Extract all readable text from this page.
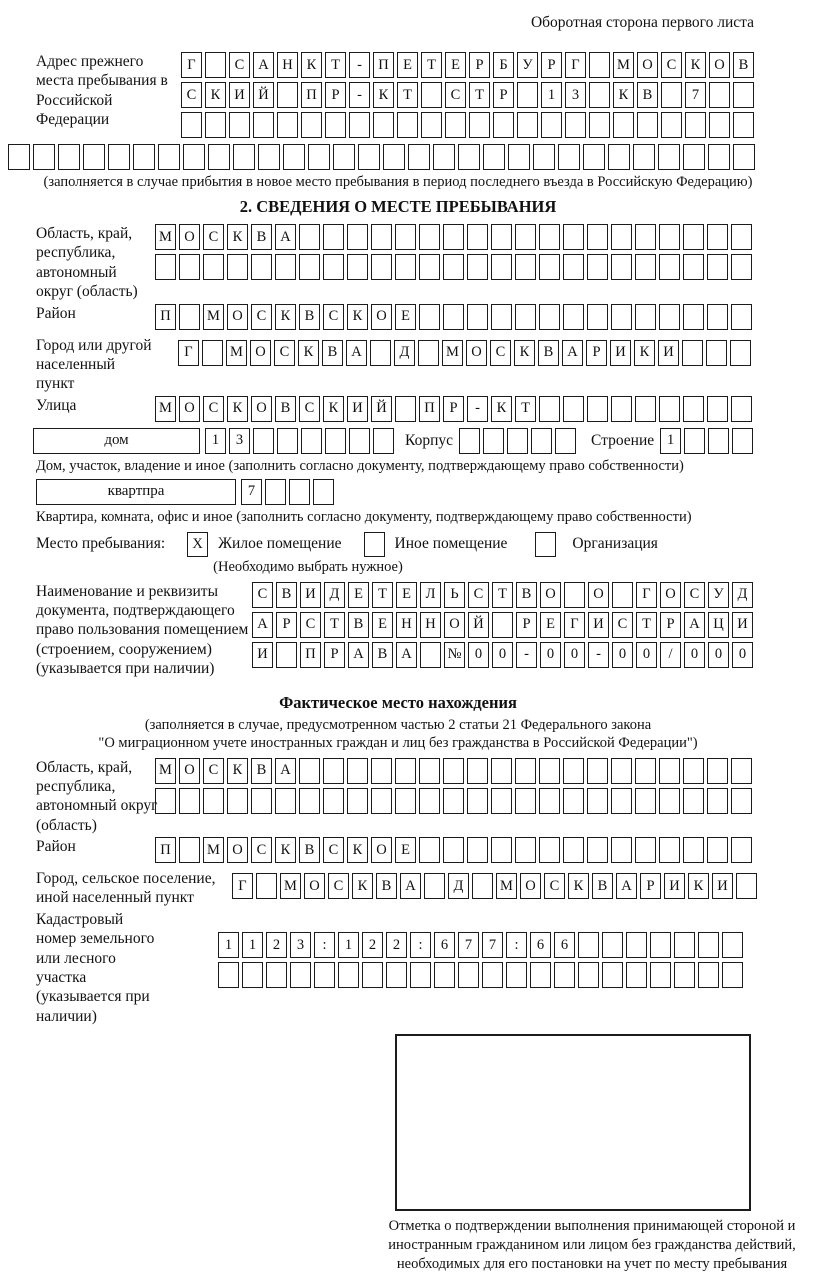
Оборотная сторона первого листа
Адрес прежнего места пребывания в Российской Федерации
Г	С А Н К	Т	-	П Е	Т	Е	Р	Б	У	Р	Г	М О С К О В
С К И Й	П	Р	-	К	Т	С	Т	Р	1	3	К В	7
(заполняется в случае прибытия в новое место пребывания в период последнего въезда в Российскую Федерацию)
2. СВЕДЕНИЯ О МЕСТЕ ПРЕБЫВАНИЯ
Область, край, республика, автономный округ (область)
М О С К В А
Район	П	М О С К В С К О Е
Город или другой населенный пункт
Г	М О С К В А	Д	М О С К В А	Р	И К И
Улица	М О С К О В С К И Й	П	Р	-	К	Т
дом	1	3	Корпус	Строение 1
Дом, участок, владение и иное (заполнить согласно документу, подтверждающему право собственности)
квартпра	7
Квартира, комната, офис и иное (заполнить согласно документу, подтверждающему право собственности)
Место пребывания:	X Жилое помещение	Иное помещение	Организация
(Необходимо выбрать нужное)
Наименование и реквизиты документа, подтверждающего право пользования помещением (строением, сооружением) (указывается при наличии)
С В И Д	Е	Т	Е	Л	Ь	С	Т	В О	О	Г	О С У Д
А	Р	С	Т	В	Е Н Н О Й	Р	Е	Г	И С	Т	Р	А Ц И
И	П	Р	А В А	№ 0	0	-	0	0	-	0	0	/	0	0	0
Фактическое место нахождения
(заполняется в случае, предусмотренном частью 2 статьи 21 Федерального закона
"О миграционном учете иностранных граждан и лиц без гражданства в Российской Федерации")
Область, край, республика, автономный округ (область)
М О С К В А
Район	П	М О С К В С К О Е
Город, сельское поселение, иной населенный пункт
Г	М О С К В А	Д	М О С К В А	Р	И К И
Кадастровый номер земельного или лесного участка (указывается при наличии)
1	1	2	3	:	1	2	2	:	6	7	7	:	6	6
Отметка о подтверждении выполнения принимающей стороной и иностранным гражданином или лицом без гражданства действий, необходимых для его постановки на учет по месту пребывания
